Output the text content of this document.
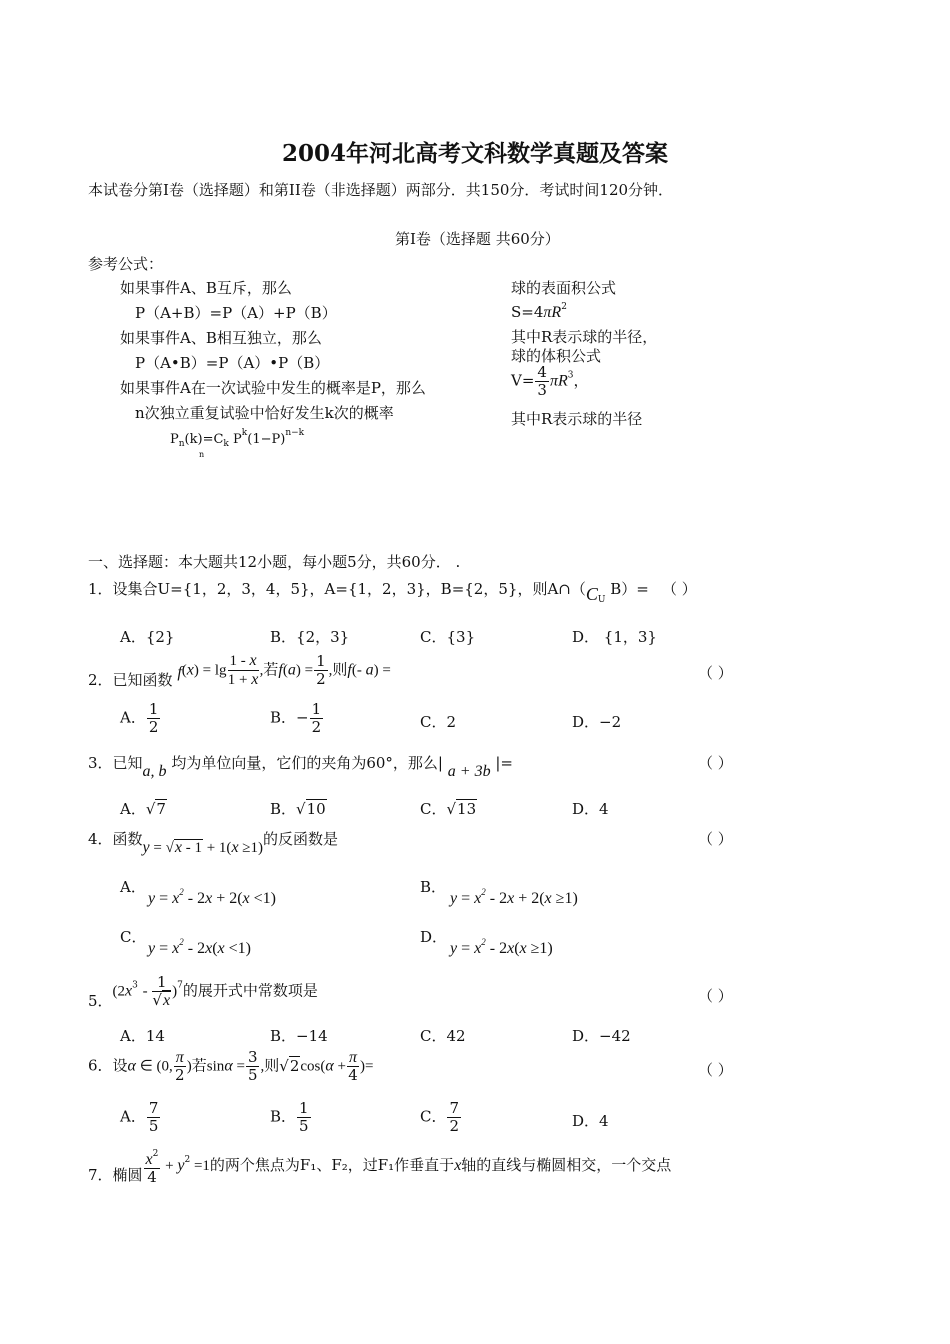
2004年河北高考文科数学真题及答案
本试卷分第Ⅰ卷（选择题）和第II卷（非选择题）两部分．共150分．考试时间120分钟．
第Ⅰ卷（选择题 共60分）
参考公式：
如果事件A、B互斥，那么
P（A+B）=P（A）+P（B）
如果事件A、B相互独立，那么
P（A•B）=P（A）•P（B）
如果事件A在一次试验中发生的概率是P，那么
n次独立重复试验中恰好发生k次的概率
$P_n(k)=C_k$ $P^k(1-P)^{n-k}$
n
球的表面积公式
$S=4\pi R^2$
其中R表示球的半径，
球的体积公式
$V= \frac{4}{3} \pi R^3$，
其中R表示球的半径
一、选择题：本大题共12小题，每小题5分，共60分． .
1．设集合U={1，2，3，4，5}，A={1，2，3}，B={2，5}，则$A\cap(C_U$ B）= （ ）
A．{2}	B．{2，3}	C．{3}	D． {1，3}
2．已知函数 $f(x) = \lg \frac{1 - x}{1 + x}$ ,若$f(a) = \frac{1}{2}$ ,则f(- a) =	（ ）
A． $\frac{1}{2}$	B．− $\frac{1}{2}$	C．2	D．−2
3．已知a, b 均为单位向量，它们的夹角为60°，那么| a + 3b |=	（ ）
A．√7	B．√10	C．√13	D．4
4．函数y = √x - 1 + 1(x ≥1)的反函数是	（ ）
A．
$y = x^2 - 2x + 2(x <1)$
B．
$y = x^2 - 2x + 2(x \ge 1)$
C．
$y = x^2 - 2x(x <1)$
D．
$y = x^2 - 2x(x \ge 1)$
5．$(2x^3 - \frac{1}{√x} )^7$的展开式中常数项是	（ ）
A．14	B．−14	C．42	D．−42
6．设α ∈ (0, $\frac{\pi}{2}$ )若$\sin\alpha = \frac{3}{5}$ ,则$√2\cos(\alpha + \frac{\pi}{4}$ )=	（ ）
A． $\frac{7}{5}$	B． $\frac{1}{5}$	C． $\frac{7}{2}$	D．4
7．椭圆 $\frac{x^2}{4} + y^2 =1$的两个焦点为F₁、F₂，过F₁作垂直于x轴的直线与椭圆相交，一个交点
